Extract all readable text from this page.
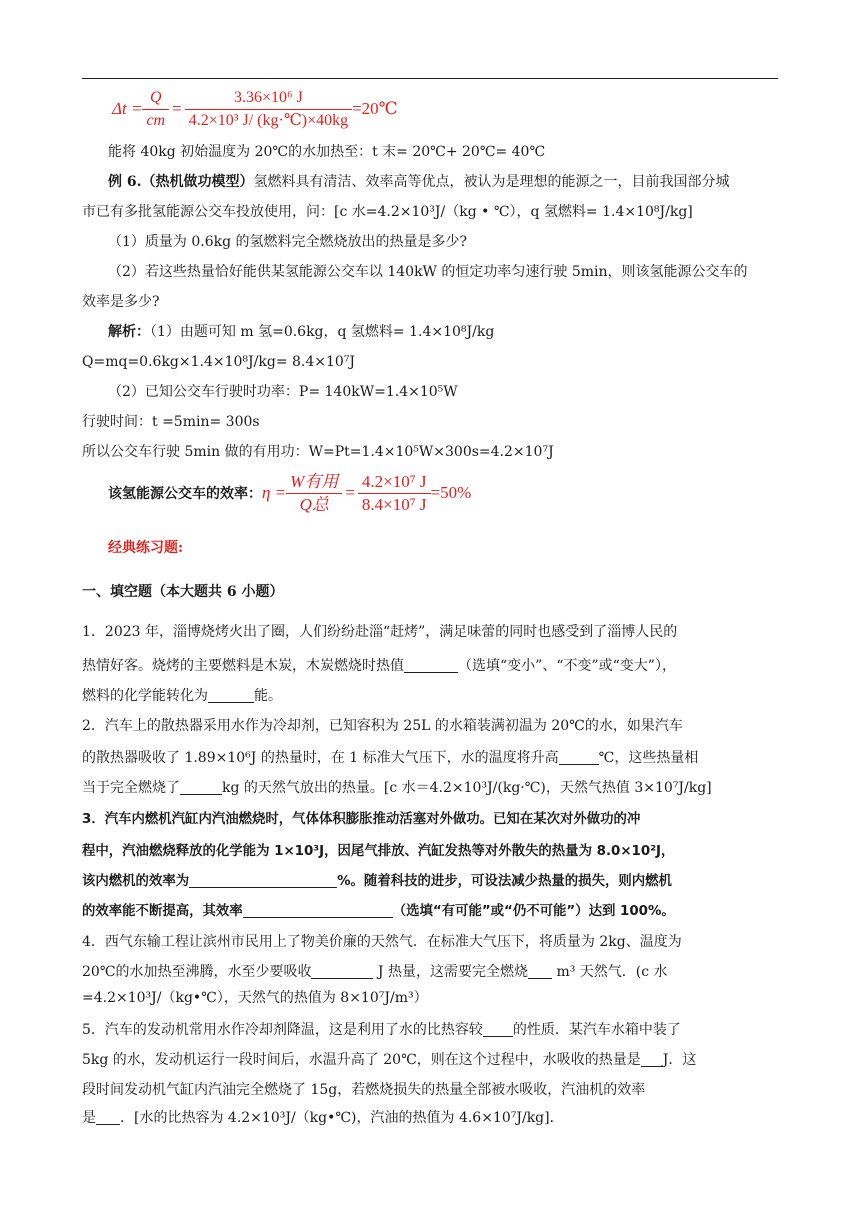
$\Delta t = \frac{Q}{cm} = \frac{\text{3.36×10⁶ J}}{\text{4.2×10³ J/ (kg·℃)×40kg}}$ =20℃
能将 40kg 初始温度为 20℃的水加热至：t 末= 20℃+ 20℃= 40℃
例 6.（热机做功模型）氢燃料具有清洁、效率高等优点，被认为是理想的能源之一，目前我国部分城
市已有多批氢能源公交车投放使用，问：[c 水=4.2×10³J/（kg • ℃），q 氢燃料= 1.4×10⁸J/kg]
（1）质量为 0.6kg 的氢燃料完全燃烧放出的热量是多少?
（2）若这些热量恰好能供某氢能源公交车以 140kW 的恒定功率匀速行驶 5min，则该氢能源公交车的
效率是多少?
解析：（1）由题可知 m 氢=0.6kg，q 氢燃料= 1.4×10⁸J/kg
Q=mq=0.6kg×1.4×10⁸J/kg= 8.4×10⁷J
（2）已知公交车行驶时功率：P= 140kW=1.4×10⁵W
行驶时间：t =5min= 300s
所以公交车行驶 5min 做的有用功：W=Pt=1.4×10⁵W×300s=4.2×10⁷J
该氢能源公交车的效率： $\eta = \frac{\text{W有用}}{\text{Q总}} = \frac{\text{4.2×10⁷ J}}{\text{8.4×10⁷ J}} =50\%$
经典练习题:
一、填空题（本大题共 6 小题）
1．2023 年，淄博烧烤火出了圈，人们纷纷赴淄“赶烤”，满足味蕾的同时也感受到了淄博人民的
热情好客。烧烤的主要燃料是木炭，木炭燃烧时热值	（选填“变小”、“不变”或“变大”），
燃料的化学能转化为	能。
2．汽车上的散热器采用水作为冷却剂，已知容积为 25L 的水箱装满初温为 20℃的水，如果汽车
的散热器吸收了 1.89×10⁶J 的热量时，在 1 标准大气压下，水的温度将升高	℃，这些热量相
当于完全燃烧了	kg 的天然气放出的热量。[c 水＝4.2×10³J/(kg·℃)，天然气热值 3×10⁷J/kg]
3．汽车内燃机汽缸内汽油燃烧时，气体体积膨胀推动活塞对外做功。已知在某次对外做功的冲
程中，汽油燃烧释放的化学能为 1×10³J，因尾气排放、汽缸发热等对外散失的热量为 8.0×10²J，
该内燃机的效率为	%。随着科技的进步，可设法减少热量的损失，则内燃机
的效率能不断提高，其效率	（选填“有可能”或“仍不可能”）达到 100%。
4．西气东输工程让滨州市民用上了物美价廉的天然气．在标准大气压下，将质量为 2kg、温度为
20℃的水加热至沸腾，水至少要吸收	J 热量，这需要完全燃烧 m³ 天然气．(c 水
=4.2×10³J/（kg•℃），天然气的热值为 8×10⁷J/m³）
5．汽车的发动机常用水作冷却剂降温，这是利用了水的比热容较 的性质．某汽车水箱中装了
5kg 的水，发动机运行一段时间后，水温升高了 20℃，则在这个过程中，水吸收的热量是 J．这
段时间发动机气缸内汽油完全燃烧了 15g，若燃烧损失的热量全部被水吸收，汽油机的效率
是 ．[水的比热容为 4.2×10³J/（kg•℃)，汽油的热值为 4.6×10⁷J/kg]．
